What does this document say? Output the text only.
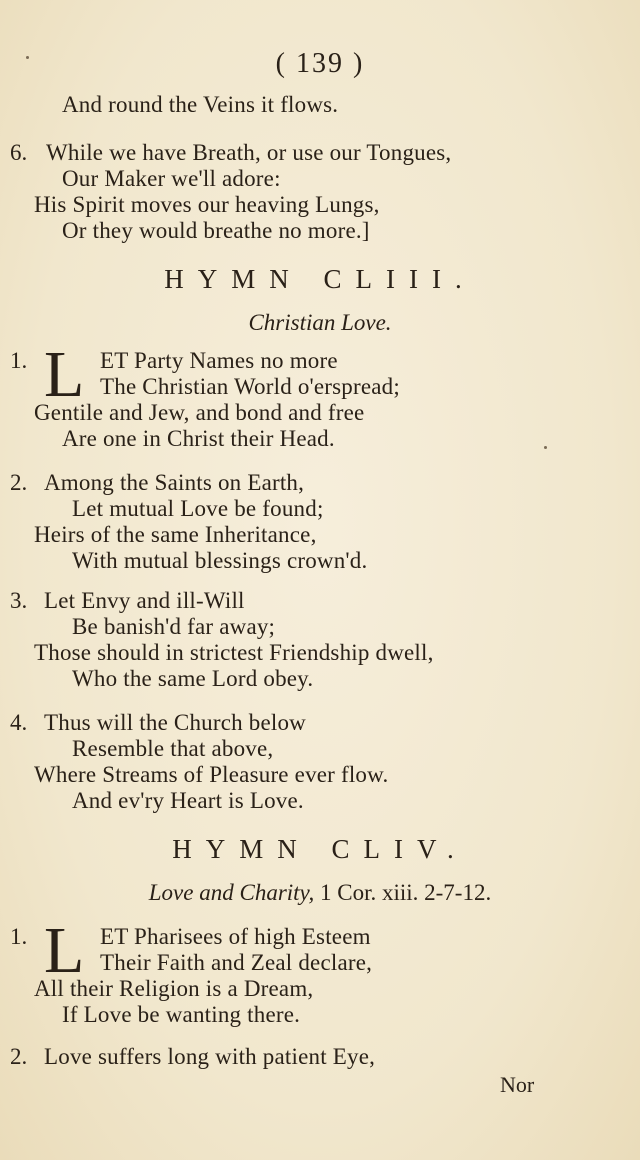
( 139 )
And round the Veins it flows.
6. While we have Breath, or use our Tongues,
Our Maker we'll adore:
His Spirit moves our heaving Lungs,
Or they would breathe no more.]
HYMN CLIII.
Christian Love.
1. L ET Party Names no more
The Christian World o'erspread;
Gentile and Jew, and bond and free
Are one in Christ their Head.
2. Among the Saints on Earth,
Let mutual Love be found;
Heirs of the same Inheritance,
With mutual blessings crown'd.
3. Let Envy and ill-Will
Be banish'd far away;
Those should in strictest Friendship dwell,
Who the same Lord obey.
4. Thus will the Church below
Resemble that above,
Where Streams of Pleasure ever flow.
And ev'ry Heart is Love.
HYMN CLIV.
Love and Charity, 1 Cor. xiii. 2-7-12.
1. L ET Pharisees of high Esteem
Their Faith and Zeal declare,
All their Religion is a Dream,
If Love be wanting there.
2. Love suffers long with patient Eye,
Nor
